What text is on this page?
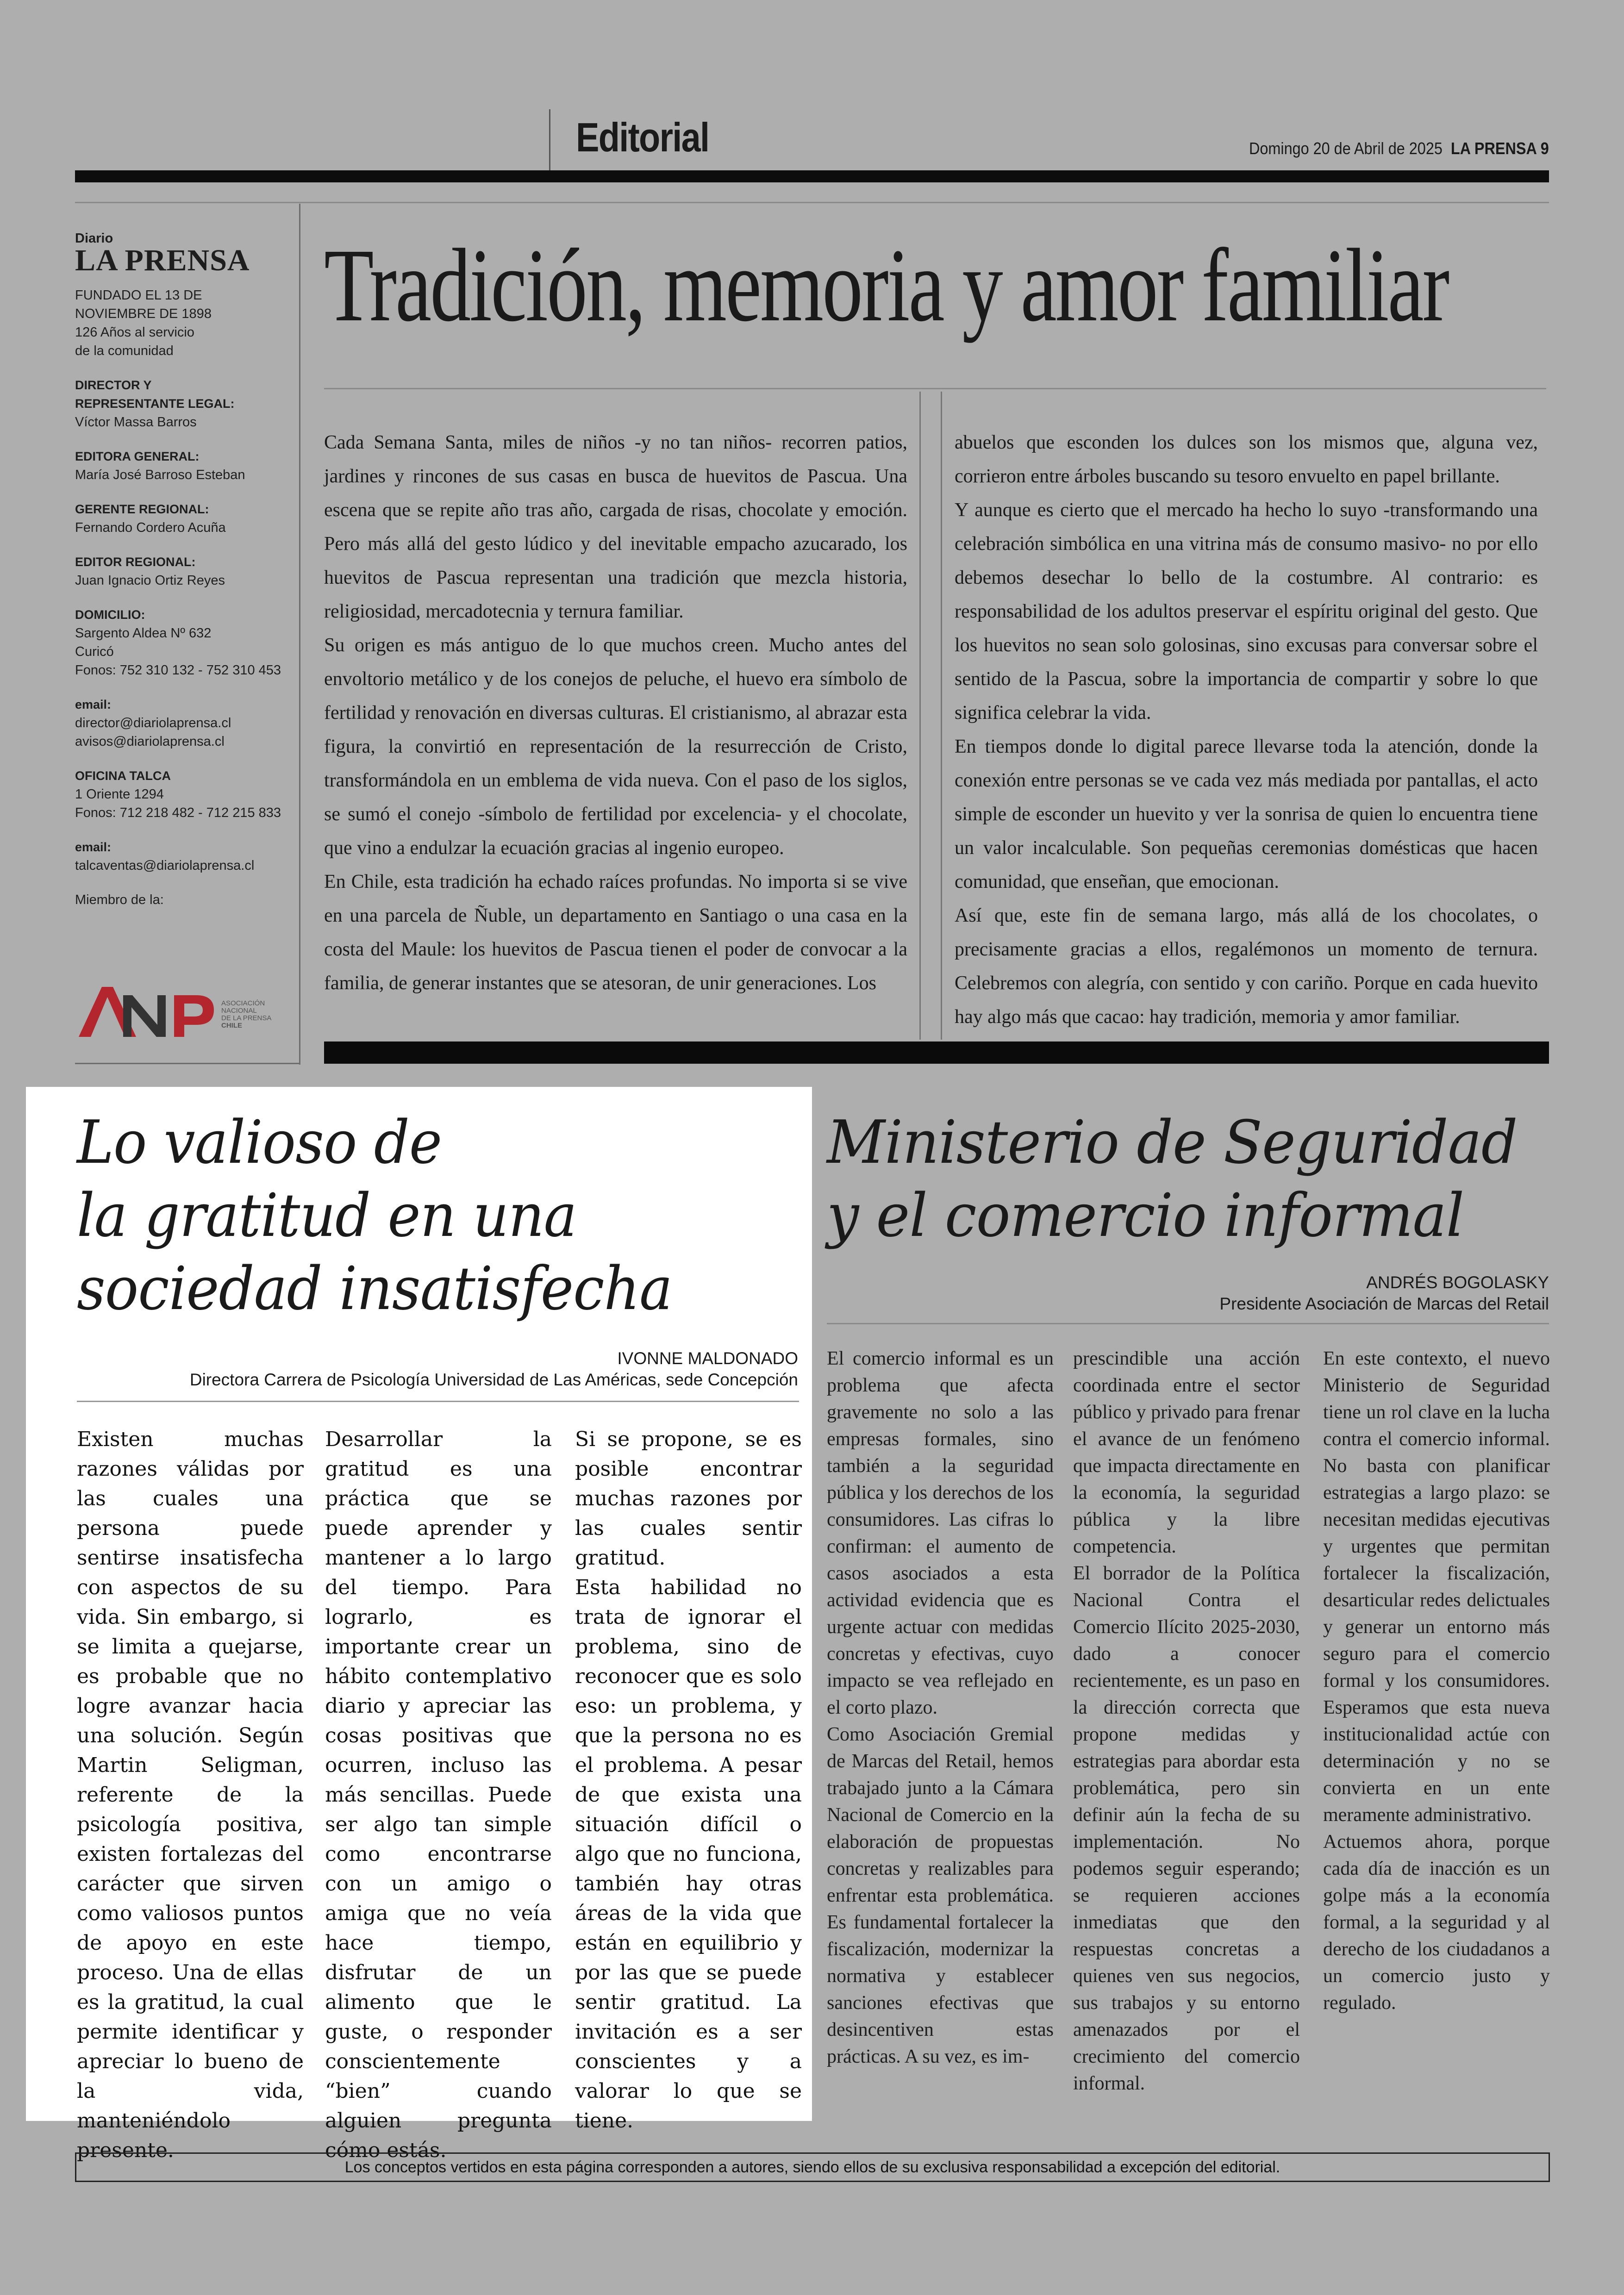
Editorial	Domingo 20 de Abril de 2025 LA PRENSA 9
Diario
LA PRENSA
FUNDADO EL 13 DE
NOVIEMBRE DE 1898
126 Años al servicio
de la comunidad
DIRECTOR Y
REPRESENTANTE LEGAL:
Víctor Massa Barros
EDITORA GENERAL:
María José Barroso Esteban
GERENTE REGIONAL:
Fernando Cordero Acuña
EDITOR REGIONAL:
Juan Ignacio Ortiz Reyes
DOMICILIO:
Sargento Aldea Nº 632
Curicó
Fonos: 752 310 132 - 752 310 453
email:
director@diariolaprensa.cl
avisos@diariolaprensa.cl
OFICINA TALCA
1 Oriente 1294
Fonos: 712 218 482 - 712 215 833
email:
talcaventas@diariolaprensa.cl
Miembro de la:
ASOCIACIÓN
NACIONAL
DE LA PRENSA
CHILE
Tradición, memoria y amor familiar

Cada Semana Santa, miles de niños -y no tan niños- recorren patios, jardines y rincones de sus casas en busca de huevitos de Pascua. Una escena que se repite año tras año, cargada de risas, chocolate y emoción. Pero más allá del gesto lúdico y del inevitable empacho azucarado, los huevitos de Pascua representan una tradición que mezcla historia, religiosidad, mercadotecnia y ternura familiar.

Su origen es más antiguo de lo que muchos creen. Mucho antes del envoltorio metálico y de los conejos de peluche, el huevo era símbolo de fertilidad y renovación en diversas culturas. El cristianismo, al abrazar esta figura, la convirtió en representación de la resurrección de Cristo, transformándola en un emblema de vida nueva. Con el paso de los siglos, se sumó el conejo -símbolo de fertilidad por excelencia- y el chocolate, que vino a endulzar la ecuación gracias al ingenio europeo.

En Chile, esta tradición ha echado raíces profundas. No importa si se vive en una parcela de Ñuble, un departamento en Santiago o una casa en la costa del Maule: los huevitos de Pascua tienen el poder de convocar a la familia, de generar instantes que se atesoran, de unir generaciones. Los

abuelos que esconden los dulces son los mismos que, alguna vez, corrieron entre árboles buscando su tesoro envuelto en papel brillante.

Y aunque es cierto que el mercado ha hecho lo suyo -transformando una celebración simbólica en una vitrina más de consumo masivo- no por ello debemos desechar lo bello de la costumbre. Al contrario: es responsabilidad de los adultos preservar el espíritu original del gesto. Que los huevitos no sean solo golosinas, sino excusas para conversar sobre el sentido de la Pascua, sobre la importancia de compartir y sobre lo que significa celebrar la vida.

En tiempos donde lo digital parece llevarse toda la atención, donde la conexión entre personas se ve cada vez más mediada por pantallas, el acto simple de esconder un huevito y ver la sonrisa de quien lo encuentra tiene un valor incalculable. Son pequeñas ceremonias domésticas que hacen comunidad, que enseñan, que emocionan.

Así que, este fin de semana largo, más allá de los chocolates, o precisamente gracias a ellos, regalémonos un momento de ternura. Celebremos con alegría, con sentido y con cariño. Porque en cada huevito hay algo más que cacao: hay tradición, memoria y amor familiar.

Lo valioso de
la gratitud en una
sociedad insatisfecha
IVONNE MALDONADO
Directora Carrera de Psicología Universidad de Las Américas, sede Concepción

Existen muchas razones válidas por las cuales una persona puede sentirse insatisfecha con aspectos de su vida. Sin embargo, si se limita a quejarse, es probable que no logre avanzar hacia una solución. Según Martin Seligman, referente de la psicología positiva, existen fortalezas del carácter que sirven como valiosos puntos de apoyo en este proceso. Una de ellas es la gratitud, la cual permite identificar y apreciar lo bueno de la vida, manteniéndolo presente.

Desarrollar la gratitud es una práctica que se puede aprender y mantener a lo largo del tiempo. Para lograrlo, es importante crear un hábito contemplativo diario y apreciar las cosas positivas que ocurren, incluso las más sencillas. Puede ser algo tan simple como encontrarse con un amigo o amiga que no veía hace tiempo, disfrutar de un alimento que le guste, o responder conscientemente “bien” cuando alguien pregunta cómo estás.

Si se propone, se es posible encontrar muchas razones por las cuales sentir gratitud.

Esta habilidad no trata de ignorar el problema, sino de reconocer que es solo eso: un problema, y que la persona no es el problema. A pesar de que exista una situación difícil o algo que no funciona, también hay otras áreas de la vida que están en equilibrio y por las que se puede sentir gratitud. La invitación es a ser conscientes y a valorar lo que se tiene.

Ministerio de Seguridad
y el comercio informal
ANDRÉS BOGOLASKY
Presidente Asociación de Marcas del Retail

El comercio informal es un problema que afecta gravemente no solo a las empresas formales, sino también a la seguridad pública y los derechos de los consumidores. Las cifras lo confirman: el aumento de casos asociados a esta actividad evidencia que es urgente actuar con medidas concretas y efectivas, cuyo impacto se vea reflejado en el corto plazo.

Como Asociación Gremial de Marcas del Retail, hemos trabajado junto a la Cámara Nacional de Comercio en la elaboración de propuestas concretas y realizables para enfrentar esta problemática. Es fundamental fortalecer la fiscalización, modernizar la normativa y establecer sanciones efectivas que desincentiven estas prácticas. A su vez, es im-

prescindible una acción coordinada entre el sector público y privado para frenar el avance de un fenómeno que impacta directamente en la economía, la seguridad pública y la libre competencia.

El borrador de la Política Nacional Contra el Comercio Ilícito 2025-2030, dado a conocer recientemente, es un paso en la dirección correcta que propone medidas y estrategias para abordar esta problemática, pero sin definir aún la fecha de su implementación. No podemos seguir esperando; se requieren acciones inmediatas que den respuestas concretas a quienes ven sus negocios, sus trabajos y su entorno amenazados por el crecimiento del comercio informal.

En este contexto, el nuevo Ministerio de Seguridad tiene un rol clave en la lucha contra el comercio informal. No basta con planificar estrategias a largo plazo: se necesitan medidas ejecutivas y urgentes que permitan fortalecer la fiscalización, desarticular redes delictuales y generar un entorno más seguro para el comercio formal y los consumidores. Esperamos que esta nueva institucionalidad actúe con determinación y no se convierta en un ente meramente administrativo.

Actuemos ahora, porque cada día de inacción es un golpe más a la economía formal, a la seguridad y al derecho de los ciudadanos a un comercio justo y regulado.

Los conceptos vertidos en esta página corresponden a autores, siendo ellos de su exclusiva responsabilidad a excepción del editorial.
